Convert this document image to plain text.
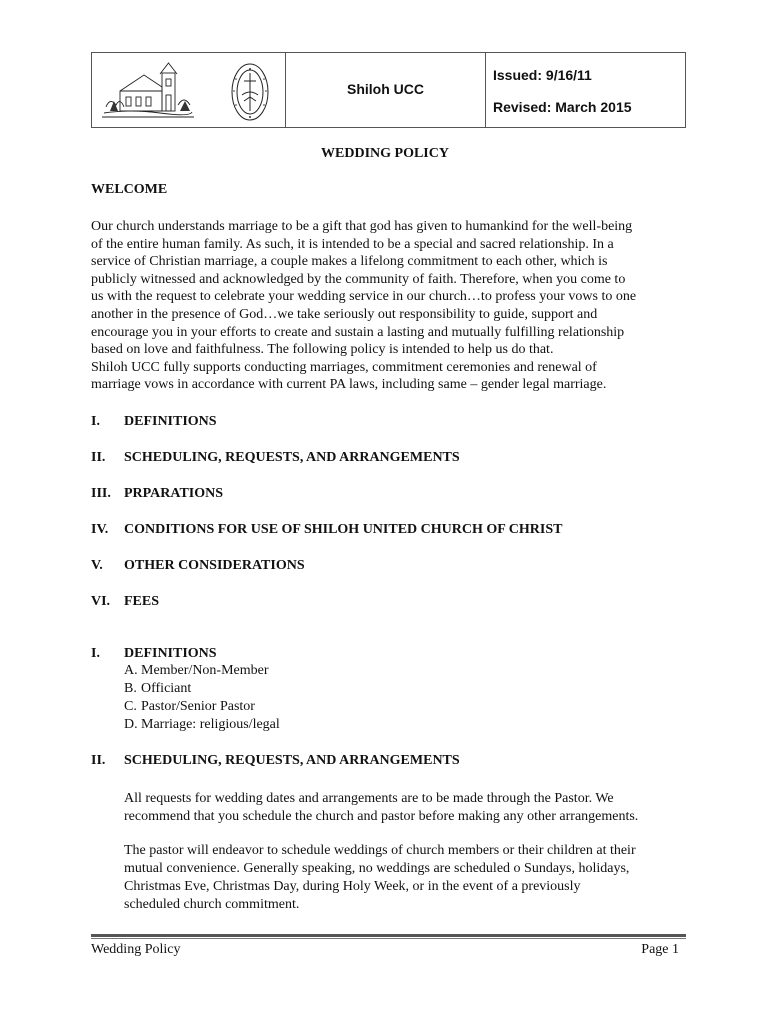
Shiloh UCC
Issued: 9/16/11
Revised: March 2015
WEDDING POLICY
WELCOME

Our church understands marriage to be a gift that god has given to humankind for the well-being

of the entire human family. As such, it is intended to be a special and sacred relationship. In a

service of Christian marriage, a couple makes a lifelong commitment to each other, which is

publicly witnessed and acknowledged by the community of faith. Therefore, when you come to

us with the request to celebrate your wedding service in our church…to profess your vows to one

another in the presence of God…we take seriously out responsibility to guide, support and

encourage you in your efforts to create and sustain a lasting and mutually fulfilling relationship

based on love and faithfulness. The following policy is intended to help us do that.

Shiloh UCC fully supports conducting marriages, commitment ceremonies and renewal of

marriage vows in accordance with current PA laws, including same – gender legal marriage.

I.	DEFINITIONS
II.	SCHEDULING, REQUESTS, AND ARRANGEMENTS
III. PRPARATIONS
IV.	CONDITIONS FOR USE OF SHILOH UNITED CHURCH OF CHRIST
V.	OTHER CONSIDERATIONS
VI. FEES
I.	DEFINITIONS
A. Member/Non-Member
B. Officiant
C. Pastor/Senior Pastor
D. Marriage: religious/legal
II.	SCHEDULING, REQUESTS, AND ARRANGEMENTS
All requests for wedding dates and arrangements are to be made through the Pastor. We
recommend that you schedule the church and pastor before making any other arrangements.
The pastor will endeavor to schedule weddings of church members or their children at their
mutual convenience. Generally speaking, no weddings are scheduled o Sundays, holidays,
Christmas Eve, Christmas Day, during Holy Week, or in the event of a previously
scheduled church commitment.
Wedding Policy	Page 1
